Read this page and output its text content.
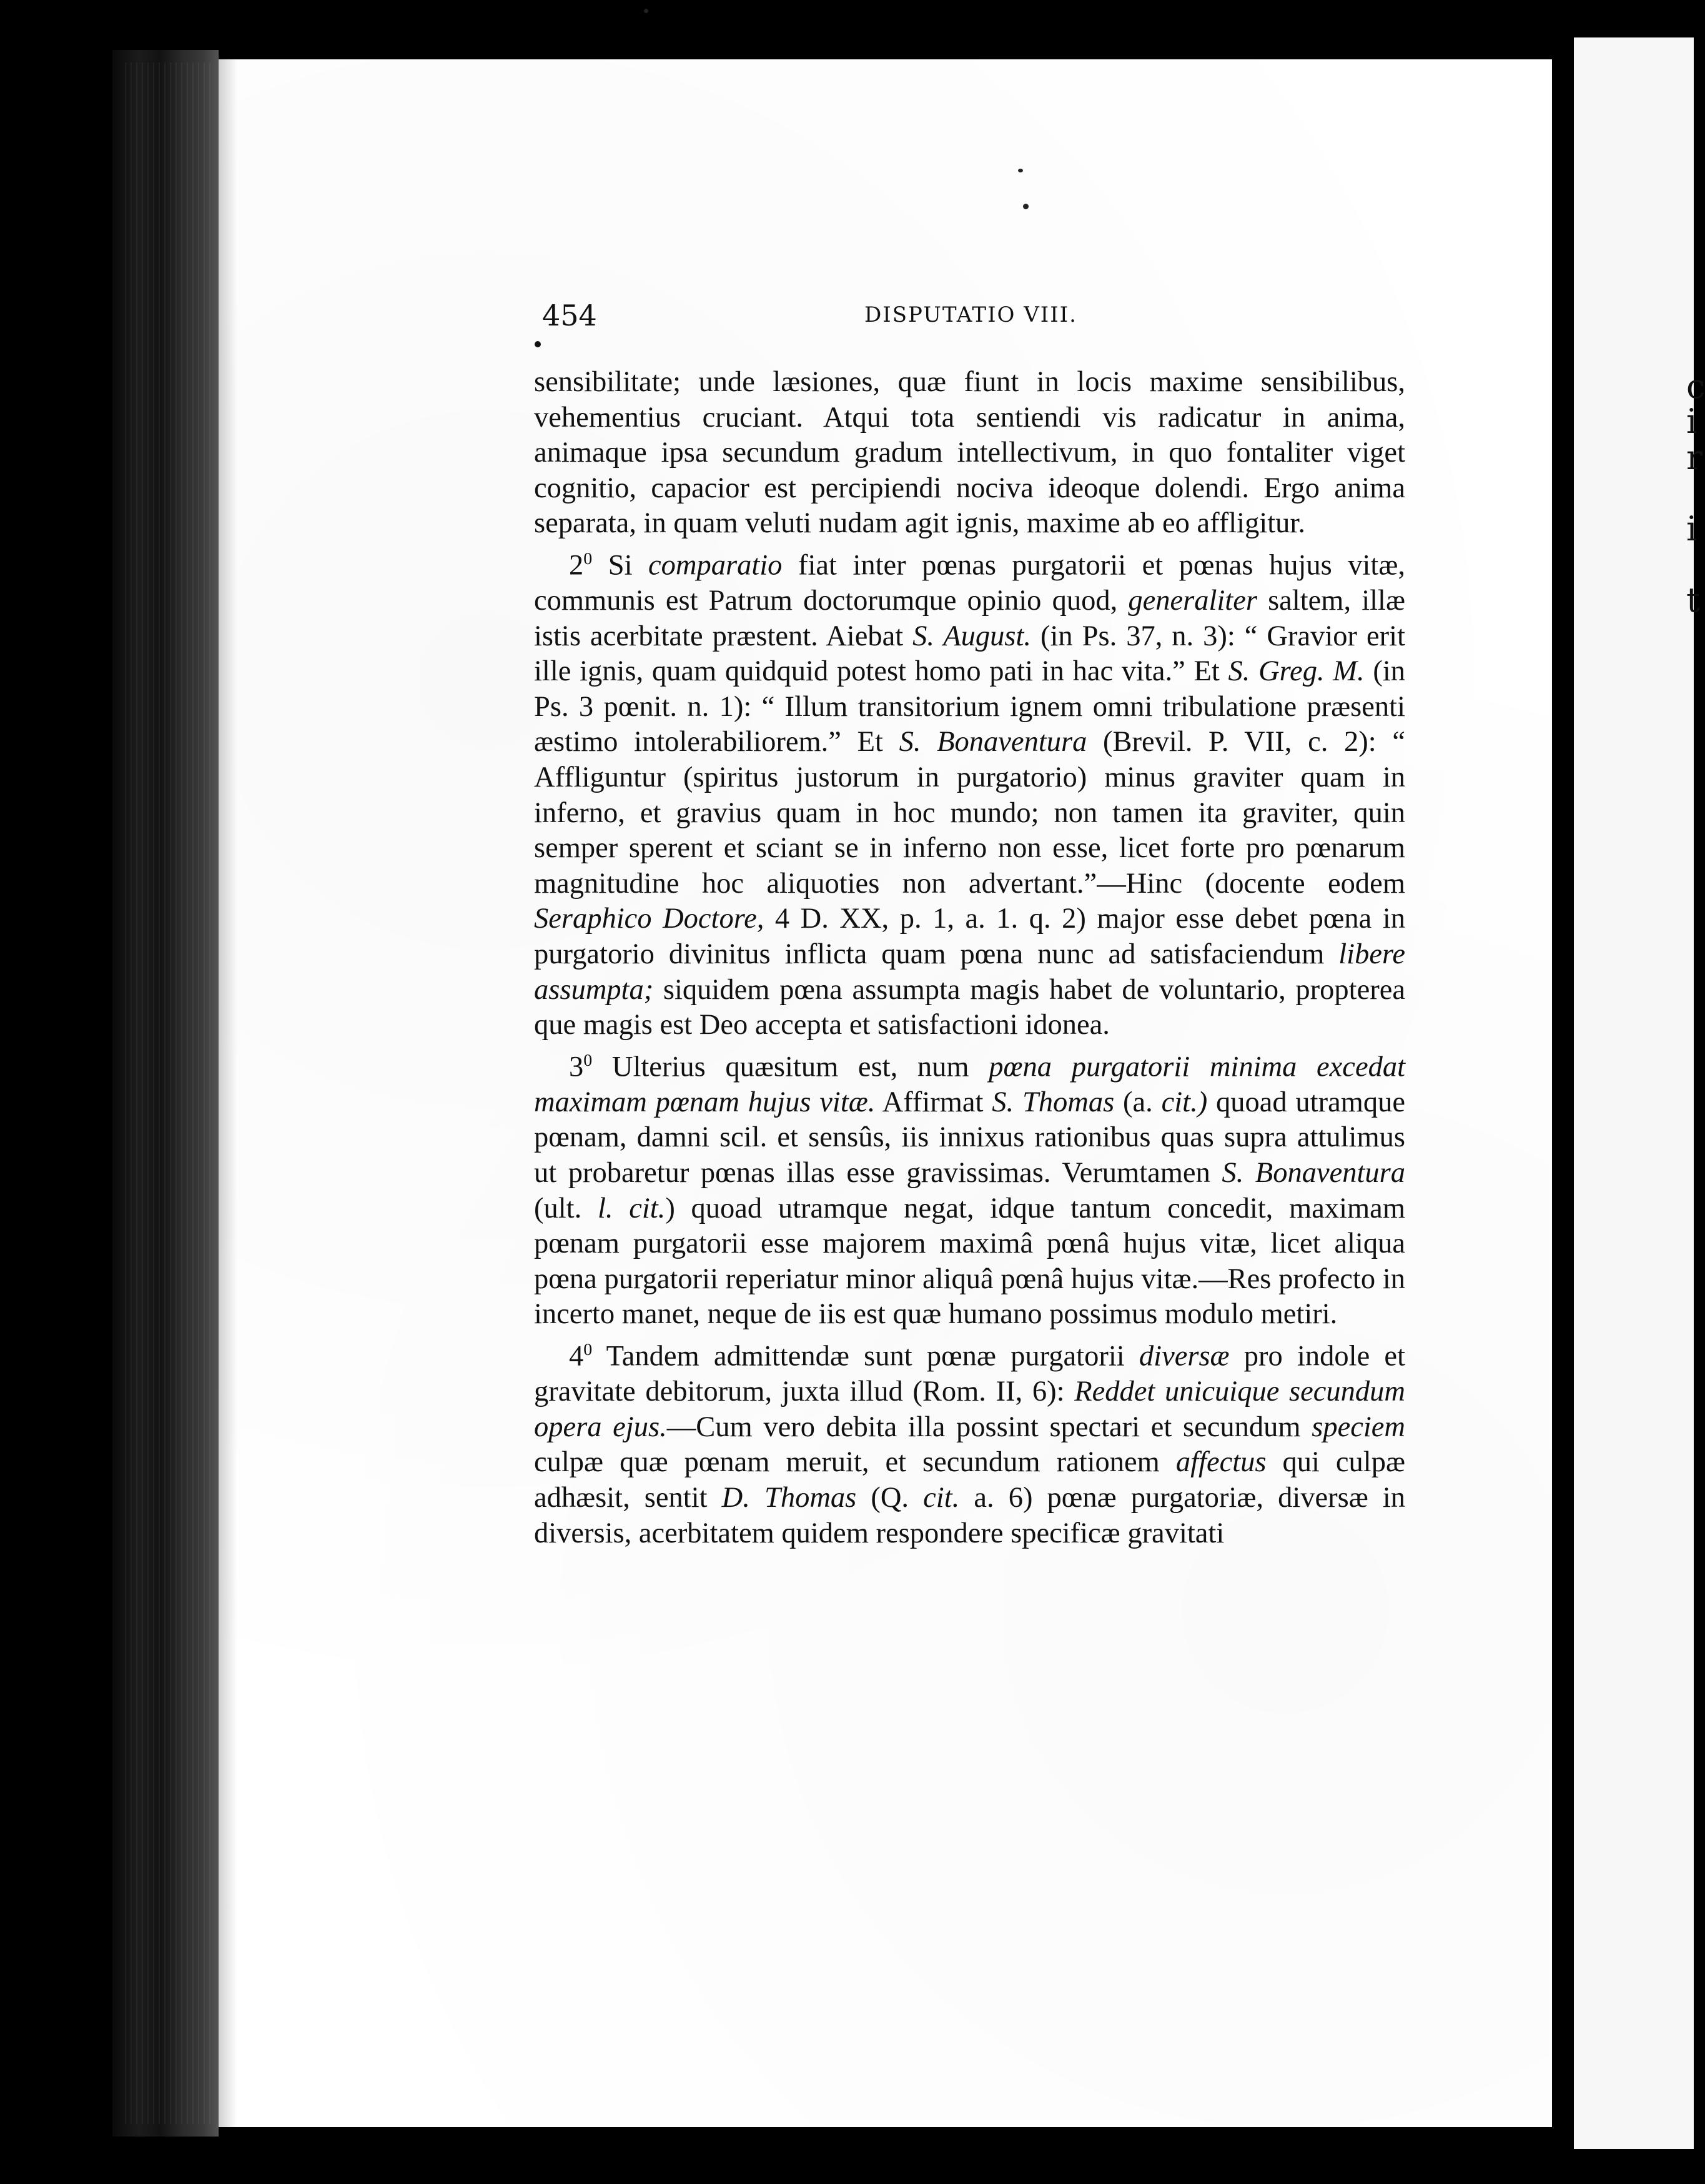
c
i
r
i
t
454	DISPUTATIO VIII.

sensibilitate; unde læsiones, quæ fiunt in locis maxime sensibilibus, vehementius cruciant. Atqui tota sentiendi vis radicatur in anima, animaque ipsa secundum gradum intellectivum, in quo fontaliter viget cognitio, capacior est percipiendi nociva ideoque dolendi. Ergo anima separata, in quam veluti nudam agit ignis, maxime ab eo affligitur.

$2^0$ Si comparatio fiat inter pœnas purgatorii et pœnas hujus vitæ, communis est Patrum doctorumque opinio quod, generaliter saltem, illæ istis acerbitate præstent. Aiebat S. August. (in Ps. 37, n. 3): “ Gravior erit ille ignis, quam quidquid potest homo pati in hac vita.” Et S. Greg. M. (in Ps. 3 pœnit. n. 1): “ Illum transitorium ignem omni tribulatione præsenti æstimo intolerabiliorem.” Et S. Bonaventura (Brevil. P. VII, c. 2): “ Affliguntur (spiritus justorum in purgatorio) minus graviter quam in inferno, et gravius quam in hoc mundo; non tamen ita graviter, quin semper sperent et sciant se in inferno non esse, licet forte pro pœnarum magnitudine hoc aliquoties non advertant.”—Hinc (docente eodem Seraphico Doctore, 4 D. XX, p. 1, a. 1. q. 2) major esse debet pœna in purgatorio divinitus inflicta quam pœna nunc ad satisfaciendum libere assumpta; siquidem pœna assumpta magis habet de voluntario, propterea que magis est Deo accepta et satisfactioni idonea.

$3^0$ Ulterius quæsitum est, num pœna purgatorii minima excedat maximam pœnam hujus vitæ. Affirmat S. Thomas (a. cit.) quoad utramque pœnam, damni scil. et sensûs, iis innixus rationibus quas supra attulimus ut probaretur pœnas illas esse gravissimas. Verumtamen S. Bonaventura (ult. l. cit.) quoad utramque negat, idque tantum concedit, maximam pœnam purgatorii esse majorem maximâ pœnâ hujus vitæ, licet aliqua pœna purgatorii reperiatur minor aliquâ pœnâ hujus vitæ.—Res profecto in incerto manet, neque de iis est quæ humano possimus modulo metiri.

$4^0$ Tandem admittendæ sunt pœnæ purgatorii diversæ pro indole et gravitate debitorum, juxta illud (Rom. II, 6): Reddet unicuique secundum opera ejus.—Cum vero debita illa possint spectari et secundum speciem culpæ quæ pœnam meruit, et secundum rationem affectus qui culpæ adhæsit, sentit D. Thomas (Q. cit. a. 6) pœnæ purgatoriæ, diversæ in diversis, acerbitatem quidem respondere specificæ gravitati
